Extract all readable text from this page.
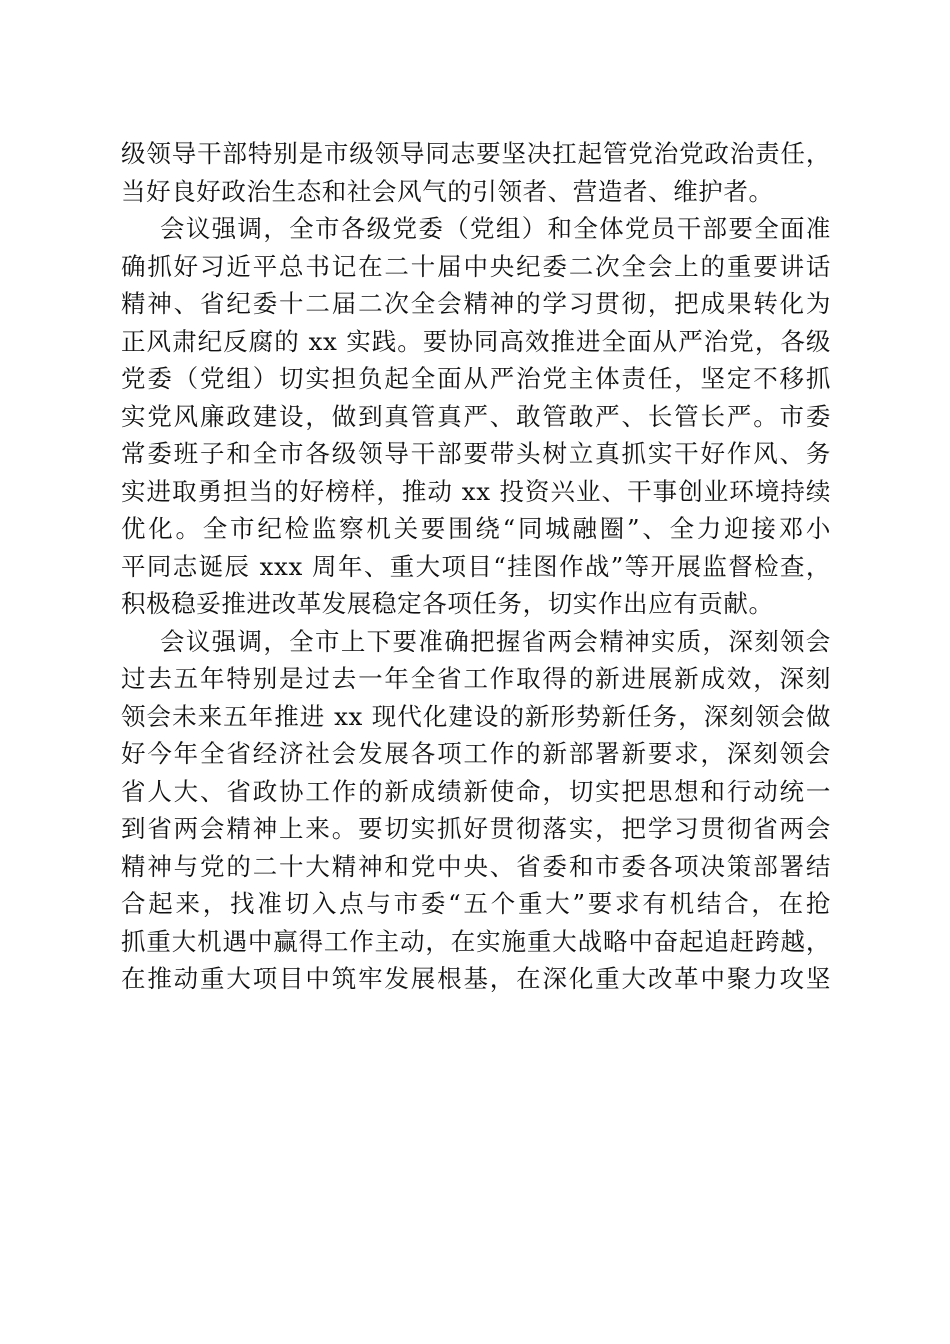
级领导干部特别是市级领导同志要坚决扛起管党治党政治责任，
当好良好政治生态和社会风气的引领者、营造者、维护者。
会议强调，全市各级党委（党组）和全体党员干部要全面准
确抓好习近平总书记在二十届中央纪委二次全会上的重要讲话
精神、省纪委十二届二次全会精神的学习贯彻，把成果转化为
正风肃纪反腐的 xx 实践。要协同高效推进全面从严治党，各级
党委（党组）切实担负起全面从严治党主体责任，坚定不移抓
实党风廉政建设，做到真管真严、敢管敢严、长管长严。市委
常委班子和全市各级领导干部要带头树立真抓实干好作风、务
实进取勇担当的好榜样，推动 xx 投资兴业、干事创业环境持续
优化。全市纪检监察机关要围绕“同城融圈”、全力迎接邓小
平同志诞辰 xxx 周年、重大项目“挂图作战”等开展监督检查，
积极稳妥推进改革发展稳定各项任务，切实作出应有贡献。
会议强调，全市上下要准确把握省两会精神实质，深刻领会
过去五年特别是过去一年全省工作取得的新进展新成效，深刻
领会未来五年推进 xx 现代化建设的新形势新任务，深刻领会做
好今年全省经济社会发展各项工作的新部署新要求，深刻领会
省人大、省政协工作的新成绩新使命，切实把思想和行动统一
到省两会精神上来。要切实抓好贯彻落实，把学习贯彻省两会
精神与党的二十大精神和党中央、省委和市委各项决策部署结
合起来，找准切入点与市委“五个重大”要求有机结合，在抢
抓重大机遇中赢得工作主动，在实施重大战略中奋起追赶跨越，
在推动重大项目中筑牢发展根基，在深化重大改革中聚力攻坚
